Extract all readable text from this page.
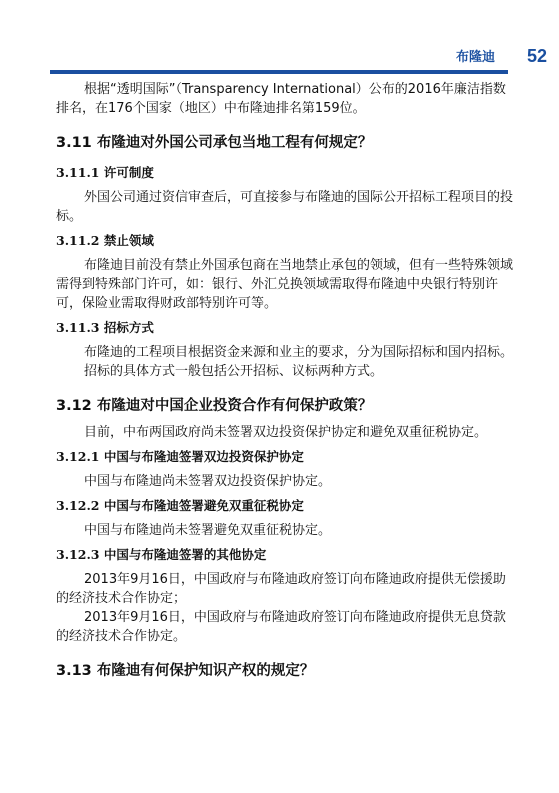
布隆迪 52

根据“透明国际”（Transparency International）公布的2016年廉洁指数排名，在176个国家（地区）中布隆迪排名第159位。

3.11 布隆迪对外国公司承包当地工程有何规定？
3.11.1 许可制度

外国公司通过资信审查后，可直接参与布隆迪的国际公开招标工程项目的投标。

3.11.2 禁止领域

布隆迪目前没有禁止外国承包商在当地禁止承包的领域，但有一些特殊领域需得到特殊部门许可，如：银行、外汇兑换领域需取得布隆迪中央银行特别许可，保险业需取得财政部特别许可等。

3.11.3 招标方式

布隆迪的工程项目根据资金来源和业主的要求，分为国际招标和国内招标。

招标的具体方式一般包括公开招标、议标两种方式。

3.12 布隆迪对中国企业投资合作有何保护政策？

目前，中布两国政府尚未签署双边投资保护协定和避免双重征税协定。

3.12.1 中国与布隆迪签署双边投资保护协定

中国与布隆迪尚未签署双边投资保护协定。

3.12.2 中国与布隆迪签署避免双重征税协定

中国与布隆迪尚未签署避免双重征税协定。

3.12.3 中国与布隆迪签署的其他协定

2013年9月16日，中国政府与布隆迪政府签订向布隆迪政府提供无偿援助的经济技术合作协定；

2013年9月16日，中国政府与布隆迪政府签订向布隆迪政府提供无息贷款的经济技术合作协定。

3.13 布隆迪有何保护知识产权的规定？
